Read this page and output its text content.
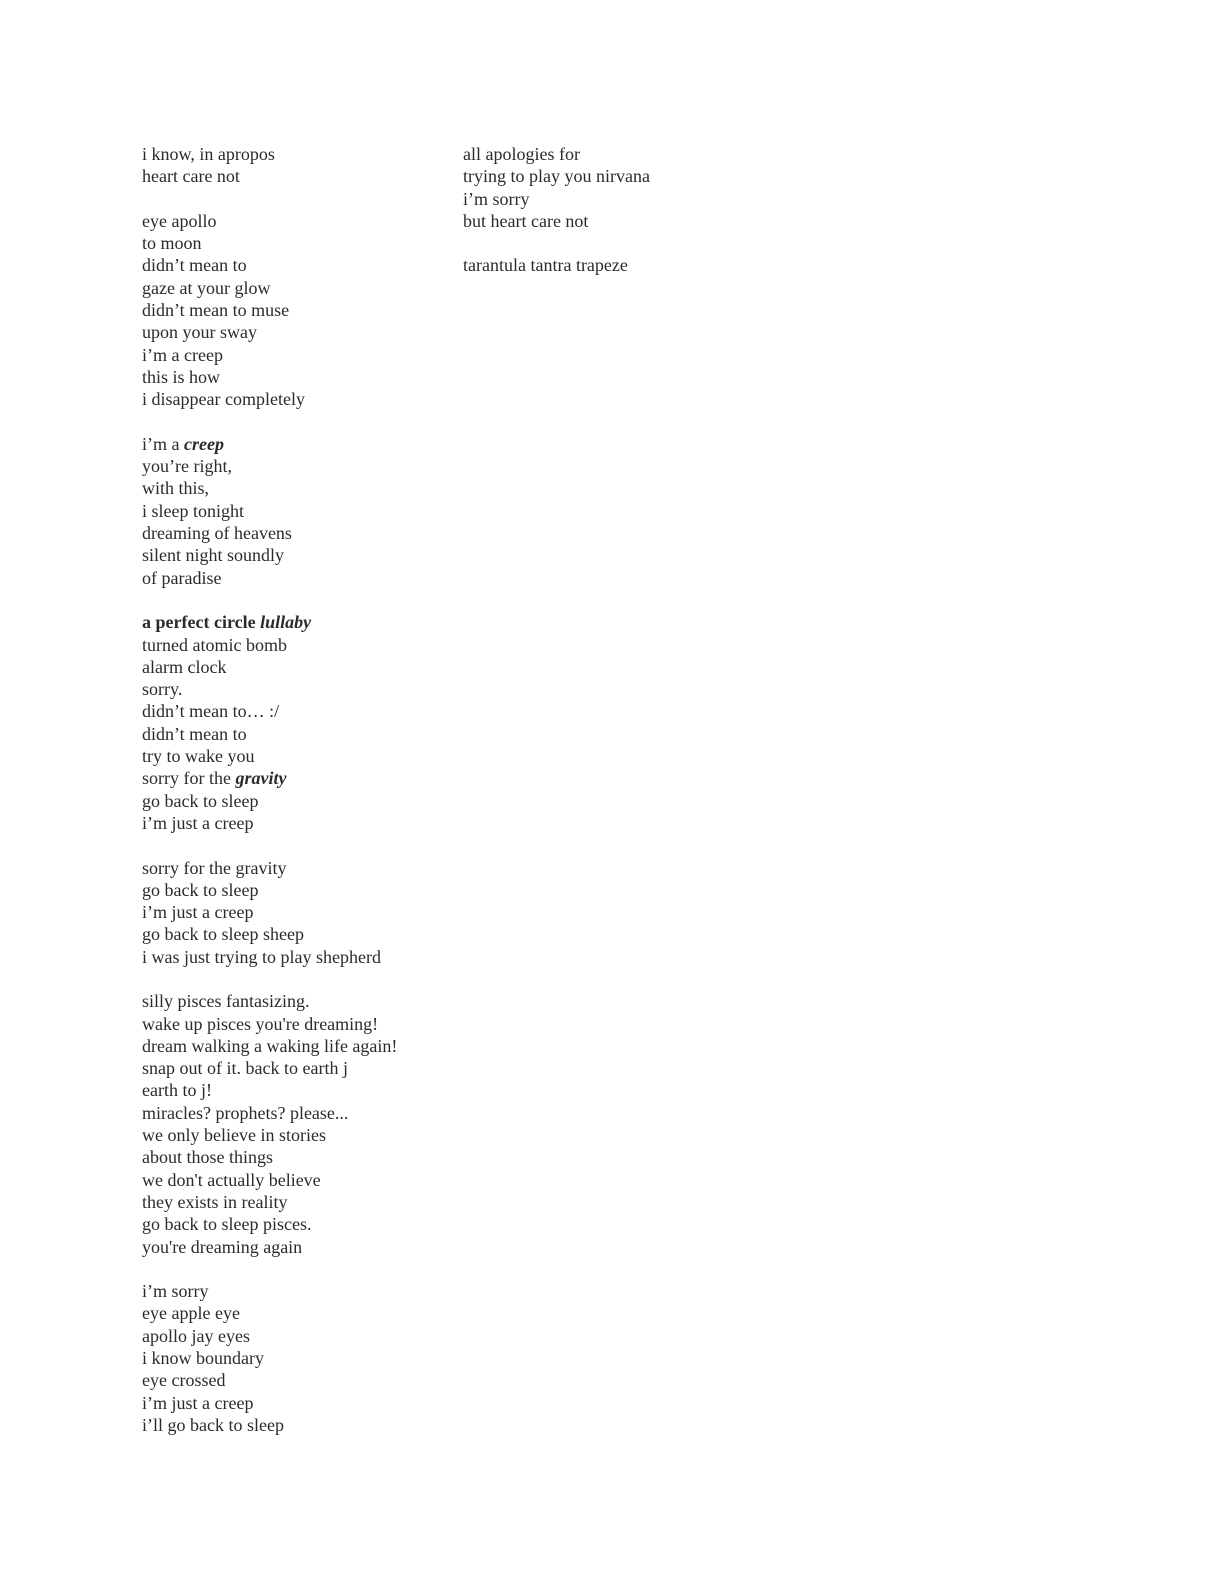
i know, in apropos
heart care not
eye apollo
to moon
didn’t mean to
gaze at your glow
didn’t mean to muse
upon your sway
i’m a creep
this is how
i disappear completely
i’m a creep
you’re right,
with this,
i sleep tonight
dreaming of heavens
silent night soundly
of paradise
a perfect circle lullaby
turned atomic bomb
alarm clock
sorry.
didn’t mean to… :/
didn’t mean to
try to wake you
sorry for the gravity
go back to sleep
i’m just a creep
sorry for the gravity
go back to sleep
i’m just a creep
go back to sleep sheep
i was just trying to play shepherd
silly pisces fantasizing.
wake up pisces you're dreaming!
dream walking a waking life again!
snap out of it. back to earth j
earth to j!
miracles? prophets? please...
we only believe in stories
about those things
we don't actually believe
they exists in reality
go back to sleep pisces.
you're dreaming again
i’m sorry
eye apple eye
apollo jay eyes
i know boundary
eye crossed
i’m just a creep
i’ll go back to sleep
all apologies for
trying to play you nirvana
i’m sorry
but heart care not
tarantula tantra trapeze
